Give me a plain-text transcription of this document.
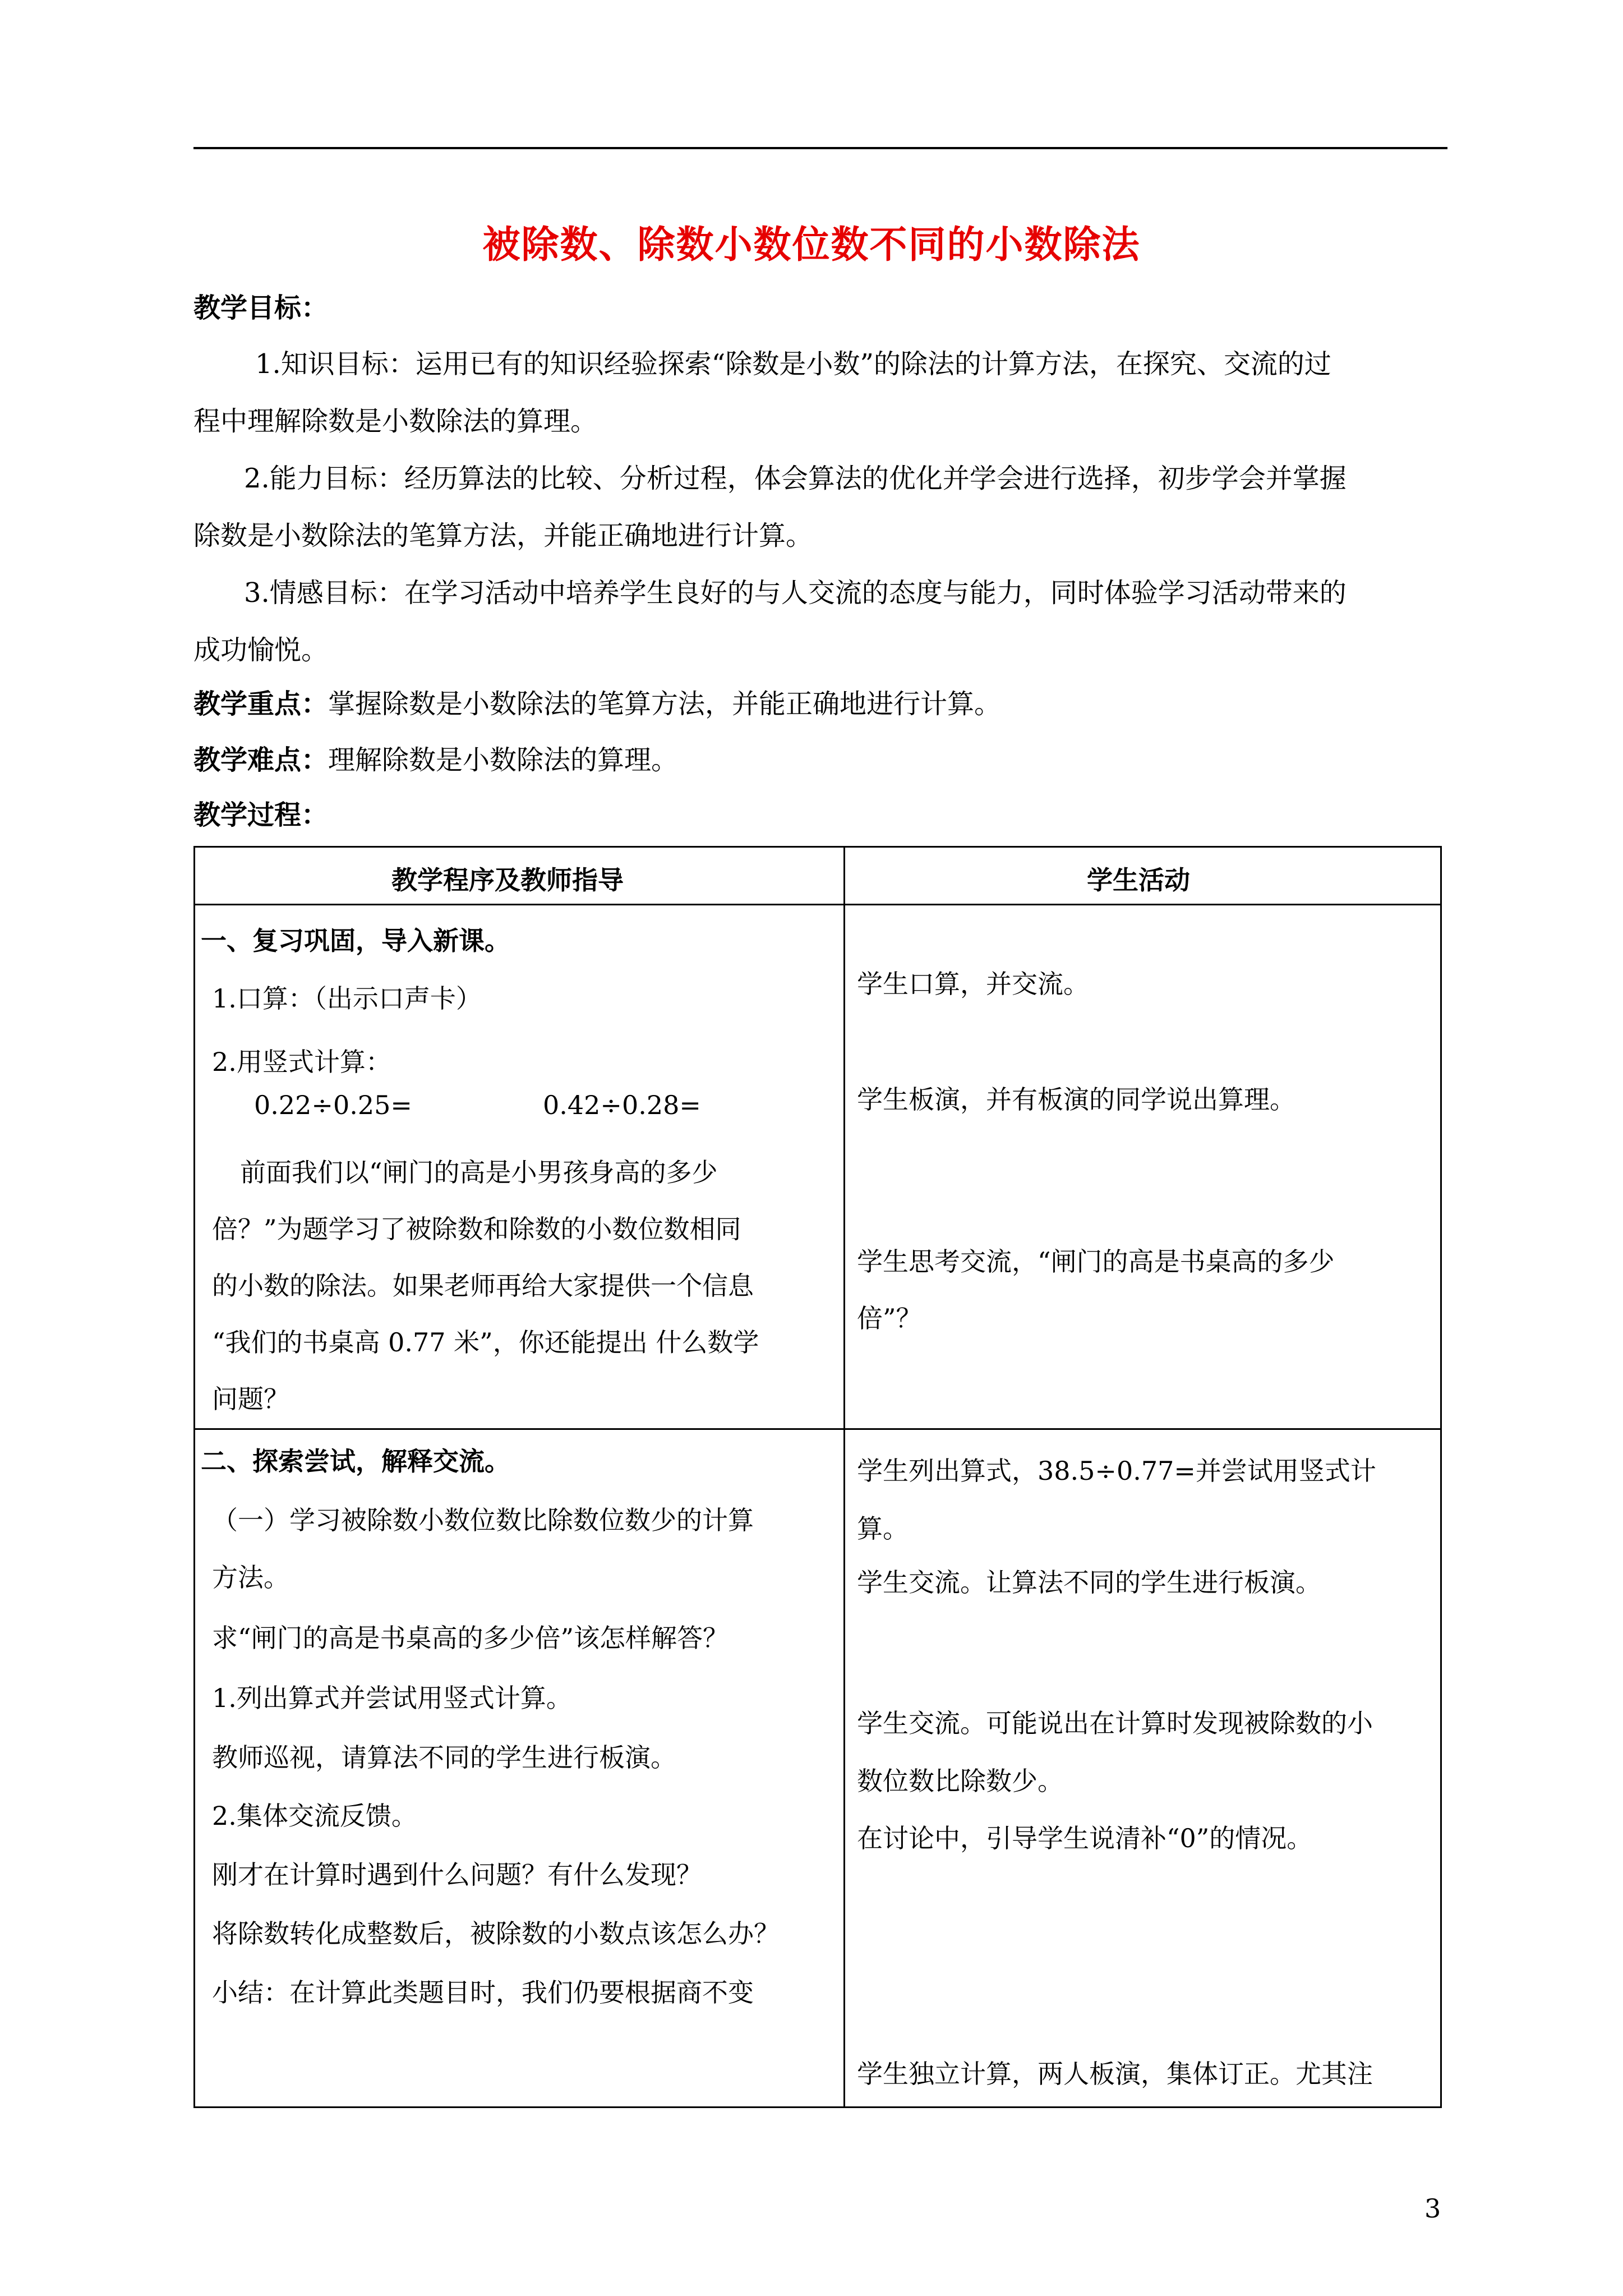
被除数、除数小数位数不同的小数除法
教学目标：
1.知识目标：运用已有的知识经验探索“除数是小数”的除法的计算方法，在探究、交流的过
程中理解除数是小数除法的算理。
2.能力目标：经历算法的比较、分析过程，体会算法的优化并学会进行选择，初步学会并掌握
除数是小数除法的笔算方法，并能正确地进行计算。
3.情感目标：在学习活动中培养学生良好的与人交流的态度与能力，同时体验学习活动带来的
成功愉悦。
教学重点：掌握除数是小数除法的笔算方法，并能正确地进行计算。
教学难点：理解除数是小数除法的算理。
教学过程：
教学程序及教师指导	学生活动
一、复习巩固，导入新课。
1.口算：（出示口声卡）
2.用竖式计算：
0.22÷0.25=	0.42÷0.28=
前面我们以“闸门的高是小男孩身高的多少
倍？”为题学习了被除数和除数的小数位数相同
的小数的除法。如果老师再给大家提供一个信息
“我们的书桌高 0.77 米”，你还能提出 什么数学
问题？
学生口算，并交流。
学生板演，并有板演的同学说出算理。
学生思考交流，“闸门的高是书桌高的多少
倍”？
二、探索尝试，解释交流。
（一）学习被除数小数位数比除数位数少的计算
方法。
求“闸门的高是书桌高的多少倍”该怎样解答？
1.列出算式并尝试用竖式计算。
教师巡视，请算法不同的学生进行板演。
2.集体交流反馈。
刚才在计算时遇到什么问题？有什么发现？
将除数转化成整数后，被除数的小数点该怎么办？
小结：在计算此类题目时，我们仍要根据商不变
学生列出算式，38.5÷0.77=并尝试用竖式计
算。
学生交流。让算法不同的学生进行板演。
学生交流。可能说出在计算时发现被除数的小
数位数比除数少。
在讨论中，引导学生说清补“0”的情况。
学生独立计算，两人板演，集体订正。尤其注
3
